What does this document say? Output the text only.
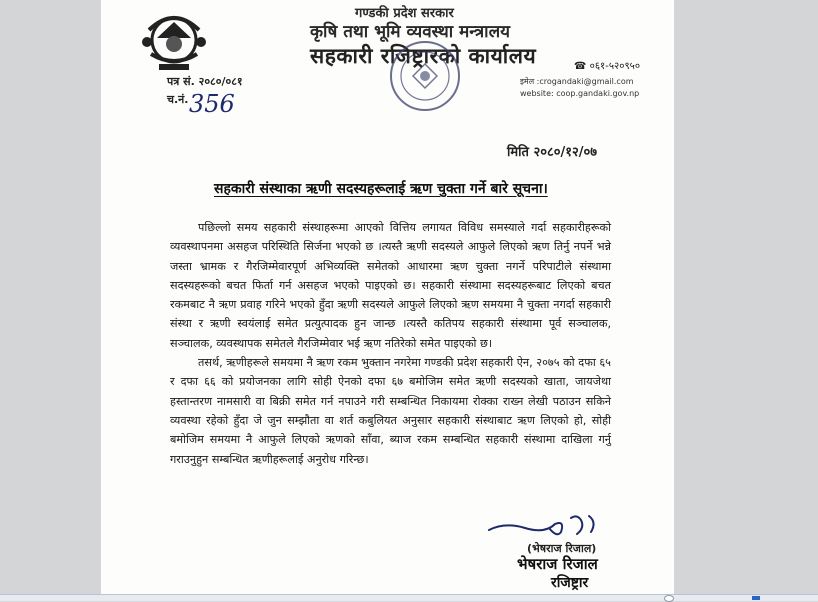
गण्डकी प्रदेश सरकार
कृषि तथा भूमि व्यवस्था मन्त्रालय
सहकारी रजिष्ट्रारको कार्यालय	☎ ०६१-५२०९५०
इमेल :crogandaki@gmail.com
website: coop.gandaki.gov.np
पत्र सं. २०८०/०८१
च.नं. 356
मिति २०८०/१२/०७
सहकारी संस्थाका ऋणी सदस्यहरूलाई ऋण चुक्ता गर्ने बारे सूचना।

पछिल्लो समय सहकारी संस्थाहरूमा आएको वित्तिय लगायत विविध समस्याले गर्दा सहकारीहरूको व्यवस्थापनमा असहज परिस्थिति सिर्जना भएको छ ।त्यस्तै ऋणी सदस्यले आफुले लिएको ऋण तिर्नु नपर्ने भन्ने जस्ता भ्रामक र गैरजिम्मेवारपूर्ण अभिव्यक्ति समेतको आधारमा ऋण चुक्ता नगर्ने परिपाटीले संस्थामा सदस्यहरूको बचत फिर्ता गर्न असहज भएको पाइएको छ। सहकारी संस्थामा सदस्यहरूबाट लिएको बचत रकमबाट नै ऋण प्रवाह गरिने भएको हुँदा ऋणी सदस्यले आफुले लिएको ऋण समयमा नै चुक्ता नगर्दा सहकारी संस्था र ऋणी स्वयंलाई समेत प्रत्युत्पादक हुन जान्छ ।त्यस्तै कतिपय सहकारी संस्थामा पूर्व सञ्चालक, सञ्चालक, व्यवस्थापक समेतले गैरजिम्मेवार भई ऋण नतिरेको समेत पाइएको छ।

तसर्थ, ऋणीहरूले समयमा नै ऋण रकम भुक्तान नगरेमा गण्डकी प्रदेश सहकारी ऐन, २०७५ को दफा ६५ र दफा ६६ को प्रयोजनका लागि सोही ऐनको दफा ६७ बमोजिम समेत ऋणी सदस्यको खाता, जायजेथा हस्तान्तरण नामसारी वा बिक्री समेत गर्न नपाउने गरी सम्बन्धित निकायमा रोक्का राख्न लेखी पठाउन सकिने व्यवस्था रहेको हुँदा जे जुन सम्झौता वा शर्त कबुलियत अनुसार सहकारी संस्थाबाट ऋण लिएको हो, सोही बमोजिम समयमा नै आफुले लिएको ऋणको साँवा, ब्याज रकम सम्बन्धित सहकारी संस्थामा दाखिला गर्नु गराउनुहुन सम्बन्धित ऋणीहरूलाई अनुरोध गरिन्छ।

(भेषराज रिजाल)
भेषराज रिजाल
रजिष्ट्रार
